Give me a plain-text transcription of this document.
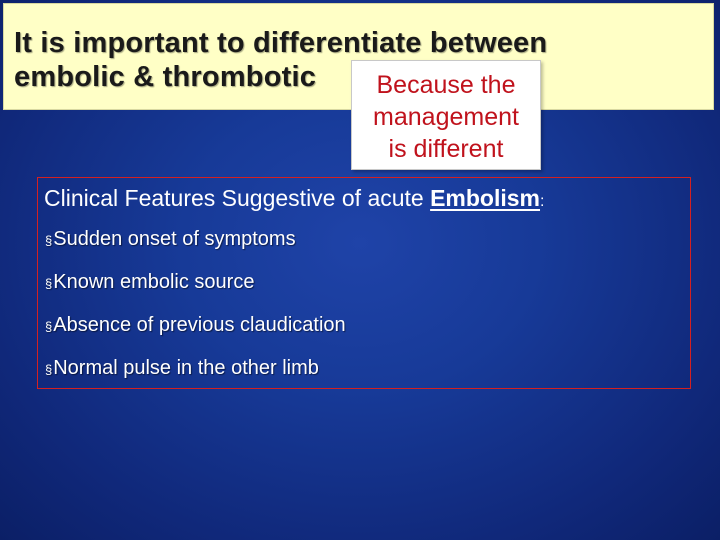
It is important to differentiate between
embolic & thrombotic	Because the
management
is different
Clinical Features Suggestive of acute Embolism:
§ Sudden onset of symptoms
§ Known embolic source
§ Absence of previous claudication
§ Normal pulse in the other limb
